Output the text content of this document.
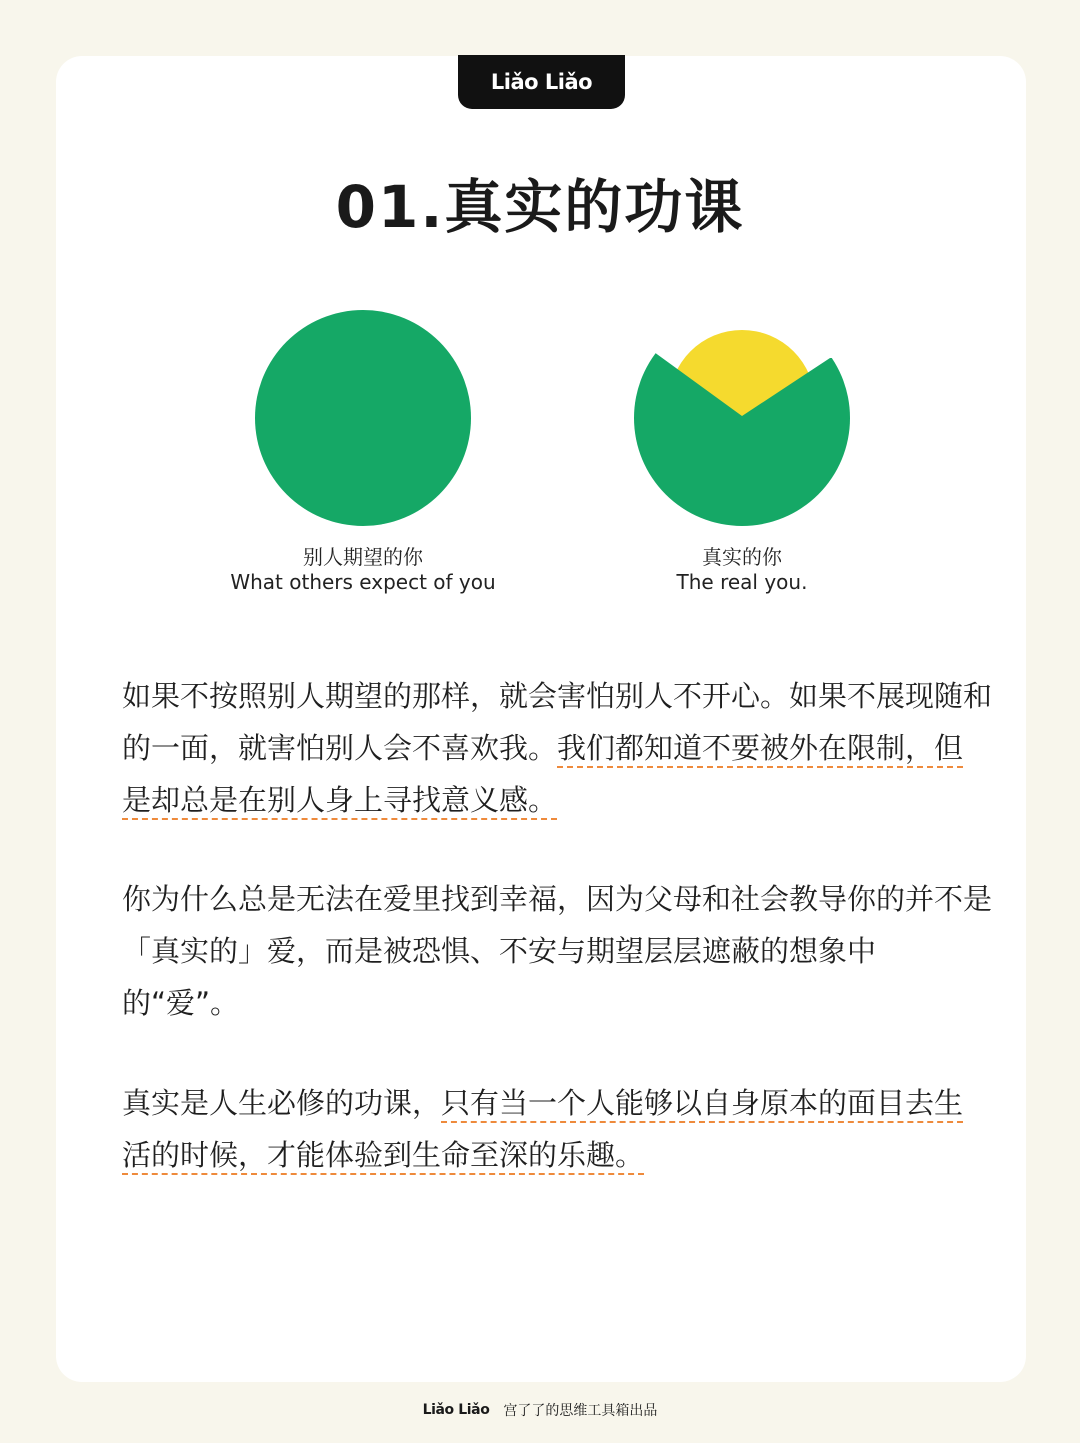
Liǎo Liǎo
01.真实的功课
别人期望的你
What others expect of you
真实的你
The real you.

如果不按照别人期望的那样，就会害怕别人不开心。如果不展现随和的一面，就害怕别人会不喜欢我。我们都知道不要被外在限制，但是却总是在别人身上寻找意义感。

你为什么总是无法在爱里找到幸福，因为父母和社会教导你的并不是「真实的」爱，而是被恐惧、不安与期望层层遮蔽的想象中的“爱”。

真实是人生必修的功课，只有当一个人能够以自身原本的面目去生活的时候，才能体验到生命至深的乐趣。

Liǎo Liǎo 宫了了的思维工具箱出品
